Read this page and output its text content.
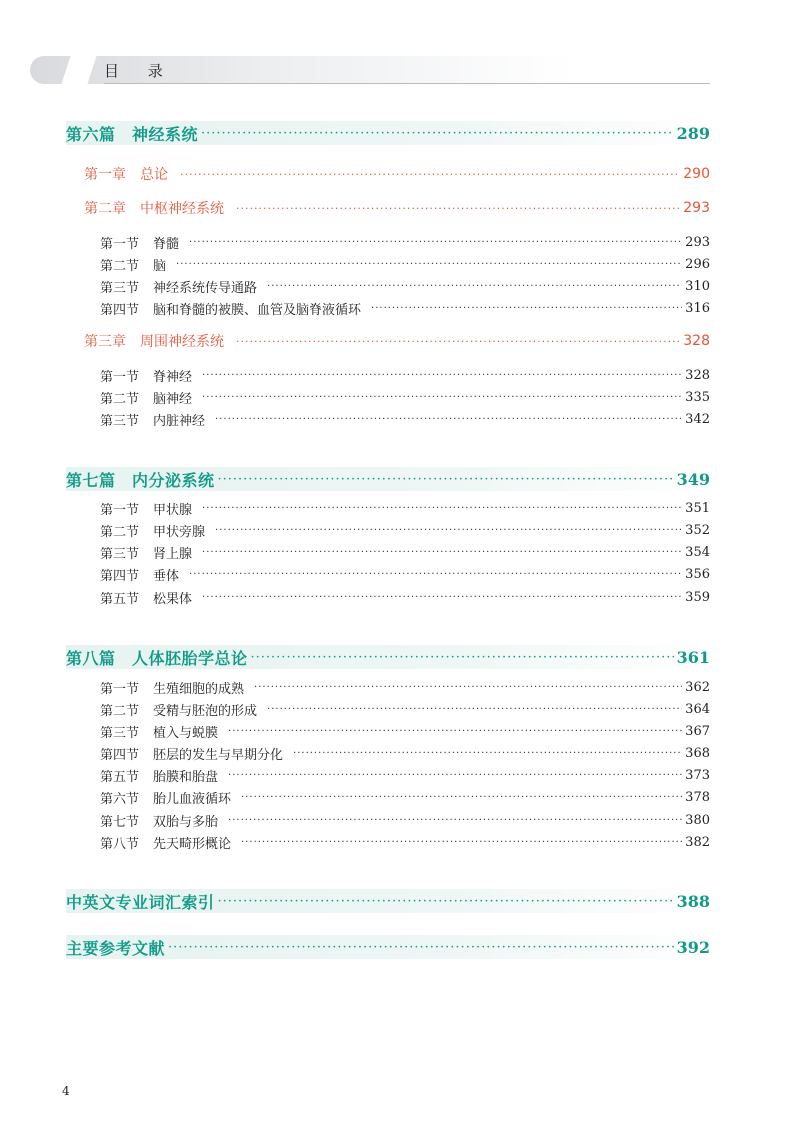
目 录
第六篇　神经系统 ·····	289
第一章 总论 ·····	290
第二章 中枢神经系统 ·····	293
第一节 脊髓 ·····	293
第二节 脑 ·····	296
第三节 神经系统传导通路 ·····	310
第四节 脑和脊髓的被膜、血管及脑脊液循环 ·····	316
第三章 周围神经系统 ·····	328
第一节 脊神经 ·····	328
第二节 脑神经 ·····	335
第三节 内脏神经 ·····	342
第七篇　内分泌系统 ·····	349
第一节 甲状腺 ·····	351
第二节 甲状旁腺 ·····	352
第三节 肾上腺 ·····	354
第四节 垂体 ·····	356
第五节 松果体 ·····	359
第八篇　人体胚胎学总论 ·····	361
第一节 生殖细胞的成熟 ·····	362
第二节 受精与胚泡的形成 ·····	364
第三节 植入与蜕膜 ·····	367
第四节 胚层的发生与早期分化 ·····	368
第五节 胎膜和胎盘 ·····	373
第六节 胎儿血液循环 ·····	378
第七节 双胎与多胎 ·····	380
第八节 先天畸形概论 ·····	382
中英文专业词汇索引 ·····	388
主要参考文献 ·····	392
4
